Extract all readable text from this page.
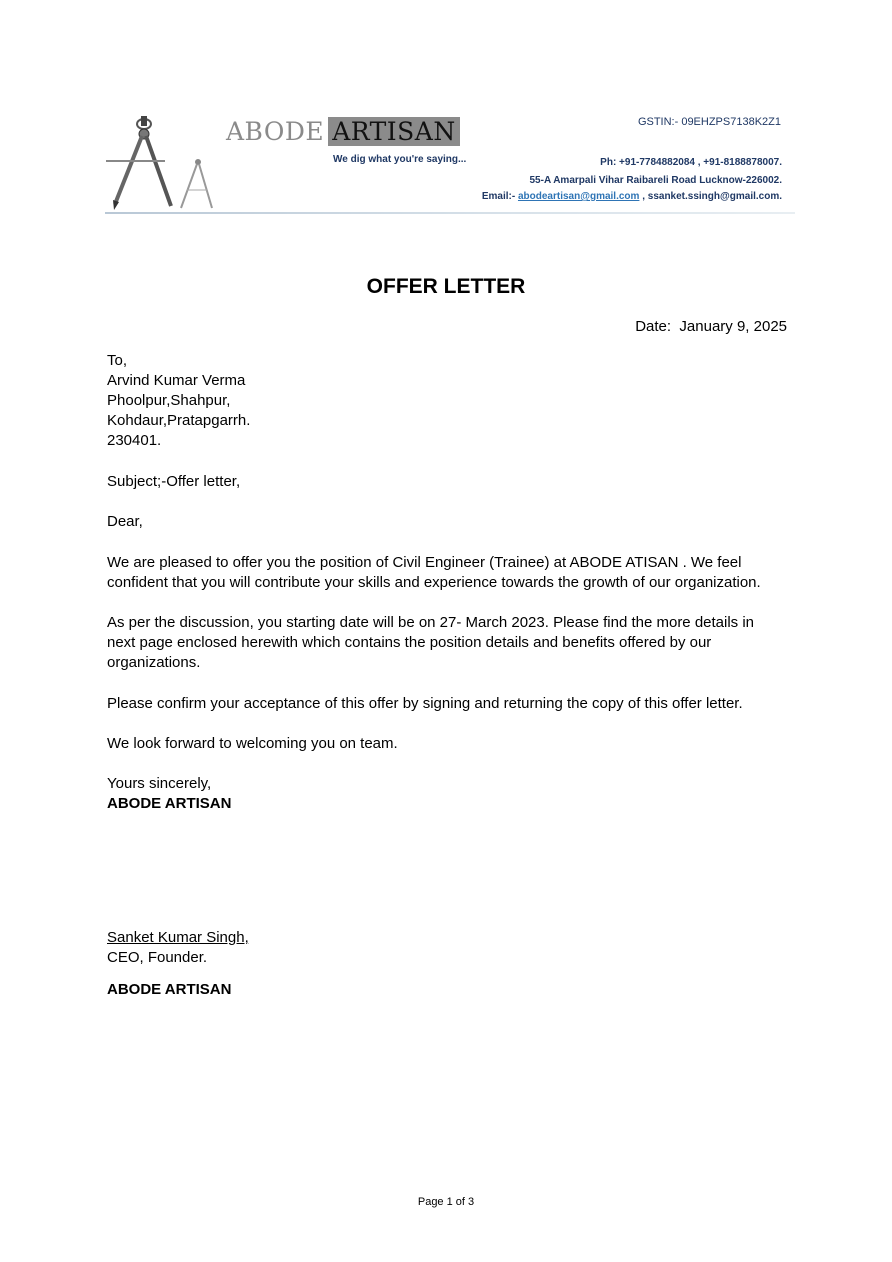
ABODE ARTISAN
We dig what you're saying...
GSTIN:- 09EHZPS7138K2Z1
Ph: +91-7784882084 , +91-8188878007.
55-A Amarpali Vihar Raibareli Road Lucknow-226002.
Email:- abodeartisan@gmail.com , ssanket.ssingh@gmail.com.
OFFER LETTER
Date: January 9, 2025
To,
Arvind Kumar Verma
Phoolpur,Shahpur,
Kohdaur,Pratapgarrh.
230401.
Subject;-Offer letter,
Dear,
We are pleased to offer you the position of Civil Engineer (Trainee) at ABODE ATISAN . We feel
confident that you will contribute your skills and experience towards the growth of our organization.
As per the discussion, you starting date will be on 27- March 2023. Please find the more details in
next page enclosed herewith which contains the position details and benefits offered by our
organizations.
Please confirm your acceptance of this offer by signing and returning the copy of this offer letter.
We look forward to welcoming you on team.
Yours sincerely,
ABODE ARTISAN
Sanket Kumar Singh,
CEO, Founder.
ABODE ARTISAN
Page 1 of 3
